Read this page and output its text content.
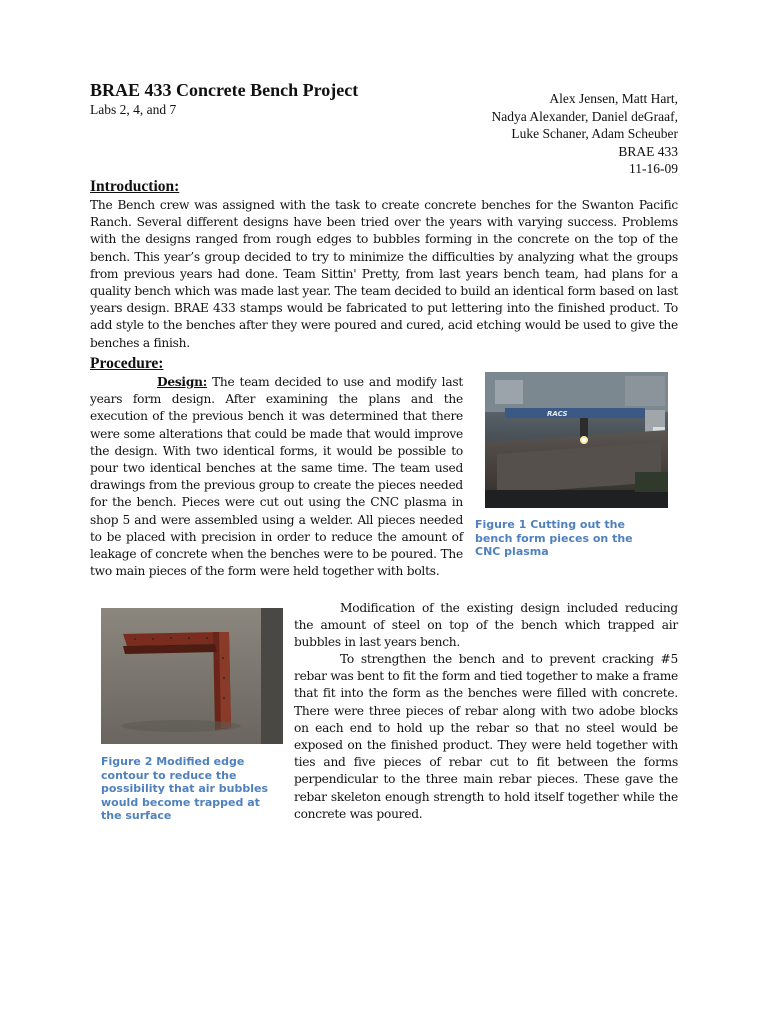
BRAE 433 Concrete Bench Project
Labs 2, 4, and 7
Alex Jensen, Matt Hart,
Nadya Alexander, Daniel deGraaf,
Luke Schaner, Adam Scheuber
BRAE 433
11-16-09
Introduction:

The Bench crew was assigned with the task to create concrete benches for the Swanton Pacific Ranch. Several different designs have been tried over the years with varying success. Problems with the designs ranged from rough edges to bubbles forming in the concrete on the top of the bench. This year’s group decided to try to minimize the difficulties by analyzing what the groups from previous years had done. Team Sittin' Pretty, from last years bench team, had plans for a quality bench which was made last year. The team decided to build an identical form based on last years design. BRAE 433 stamps would be fabricated to put lettering into the finished product. To add style to the benches after they were poured and cured, acid etching would be used to give the benches a finish.

Procedure:

Design: The team decided to use and modify last years form design. After examining the plans and the execution of the previous bench it was determined that there were some alterations that could be made that would improve the design. With two identical forms, it would be possible to pour two identical benches at the same time. The team used drawings from the previous group to create the pieces needed for the bench. Pieces were cut out using the CNC plasma in shop 5 and were assembled using a welder. All pieces needed to be placed with precision in order to reduce the amount of leakage of concrete when the benches were to be poured. The two main pieces of the form were held together with bolts.

RACS

Figure 1 Cutting out the bench form pieces on the CNC plasma

Figure 2 Modified edge contour to reduce the possibility that air bubbles would become trapped at the surface

Modification of the existing design included reducing the amount of steel on top of the bench which trapped air bubbles in last years bench.

To strengthen the bench and to prevent cracking #5 rebar was bent to fit the form and tied together to make a frame that fit into the form as the benches were filled with concrete. There were three pieces of rebar along with two adobe blocks on each end to hold up the rebar so that no steel would be exposed on the finished product. They were held together with ties and five pieces of rebar cut to fit between the forms perpendicular to the three main rebar pieces. These gave the rebar skeleton enough strength to hold itself together while the concrete was poured.
